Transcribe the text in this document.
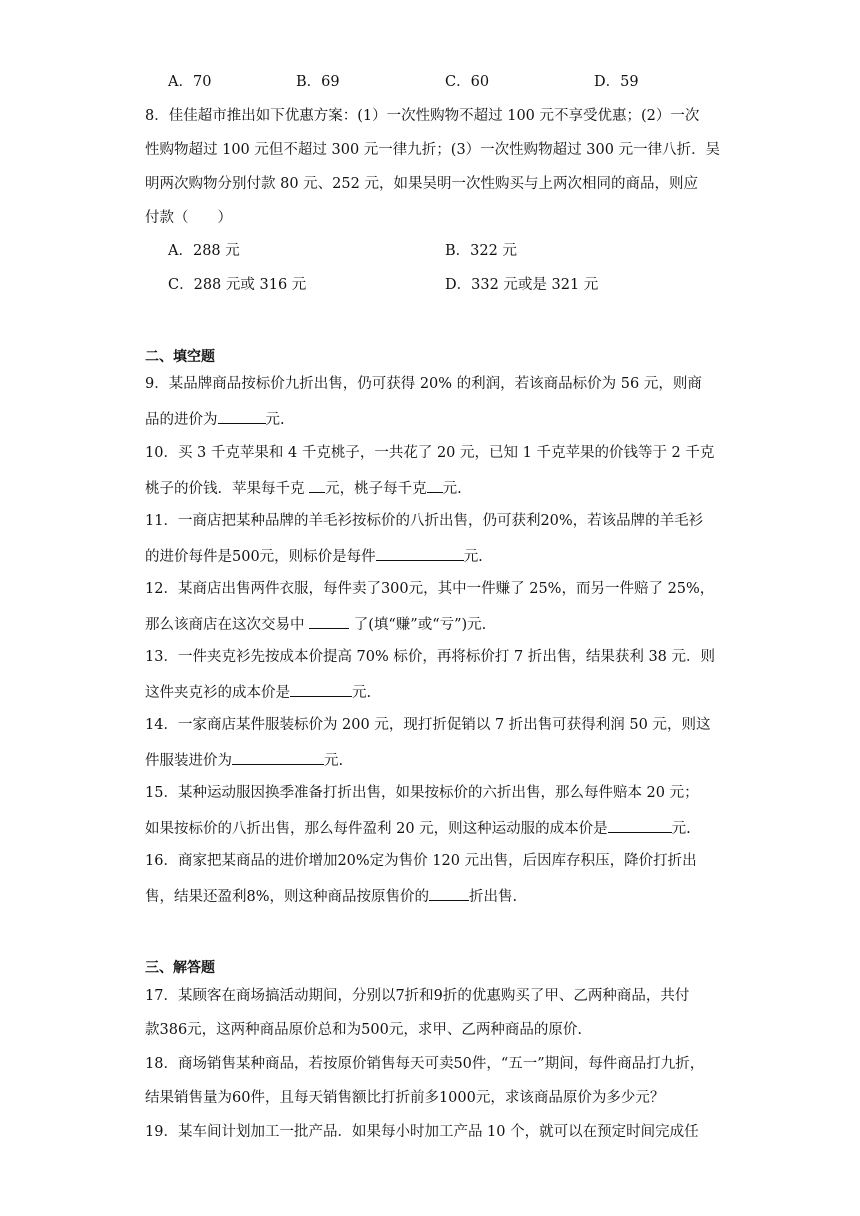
A．70	B．69	C．60	D．59
8．佳佳超市推出如下优惠方案：(1）一次性购物不超过 100 元不享受优惠；(2）一次
性购物超过 100 元但不超过 300 元一律九折；(3）一次性购物超过 300 元一律八折．吴
明两次购物分别付款 80 元、252 元，如果吴明一次性购买与上两次相同的商品，则应
付款（　　）
A．288 元	B．322 元
C．288 元或 316 元	D．332 元或是 321 元
二、填空题
9．某品牌商品按标价九折出售，仍可获得 20% 的利润，若该商品标价为 56 元，则商
品的进价为	元.
10．买 3 千克苹果和 4 千克桃子，一共花了 20 元，已知 1 千克苹果的价钱等于 2 千克
桃子的价钱．苹果每千克 元，桃子每千克 元.
11．一商店把某种品牌的羊毛衫按标价的八折出售，仍可获利20%，若该品牌的羊毛衫
的进价每件是500元，则标价是每件	元.
12．某商店出售两件衣服，每件卖了300元，其中一件赚了 25%，而另一件赔了 25%，
那么该商店在这次交易中	了(填“赚”或“亏”)元.
13．一件夹克衫先按成本价提高 70% 标价，再将标价打 7 折出售，结果获利 38 元．则
这件夹克衫的成本价是	元.
14．一家商店某件服装标价为 200 元，现打折促销以 7 折出售可获得利润 50 元，则这
件服装进价为	元.
15．某种运动服因换季准备打折出售，如果按标价的六折出售，那么每件赔本 20 元；
如果按标价的八折出售，那么每件盈利 20 元，则这种运动服的成本价是	元.
16．商家把某商品的进价增加20%定为售价 120 元出售，后因库存积压，降价打折出
售，结果还盈利8%，则这种商品按原售价的	折出售.
三、解答题
17．某顾客在商场搞活动期间，分别以7折和9折的优惠购买了甲、乙两种商品，共付
款386元，这两种商品原价总和为500元，求甲、乙两种商品的原价.
18．商场销售某种商品，若按原价销售每天可卖50件，“五一”期间，每件商品打九折，
结果销售量为60件，且每天销售额比打折前多1000元，求该商品原价为多少元？
19．某车间计划加工一批产品．如果每小时加工产品 10 个，就可以在预定时间完成任
